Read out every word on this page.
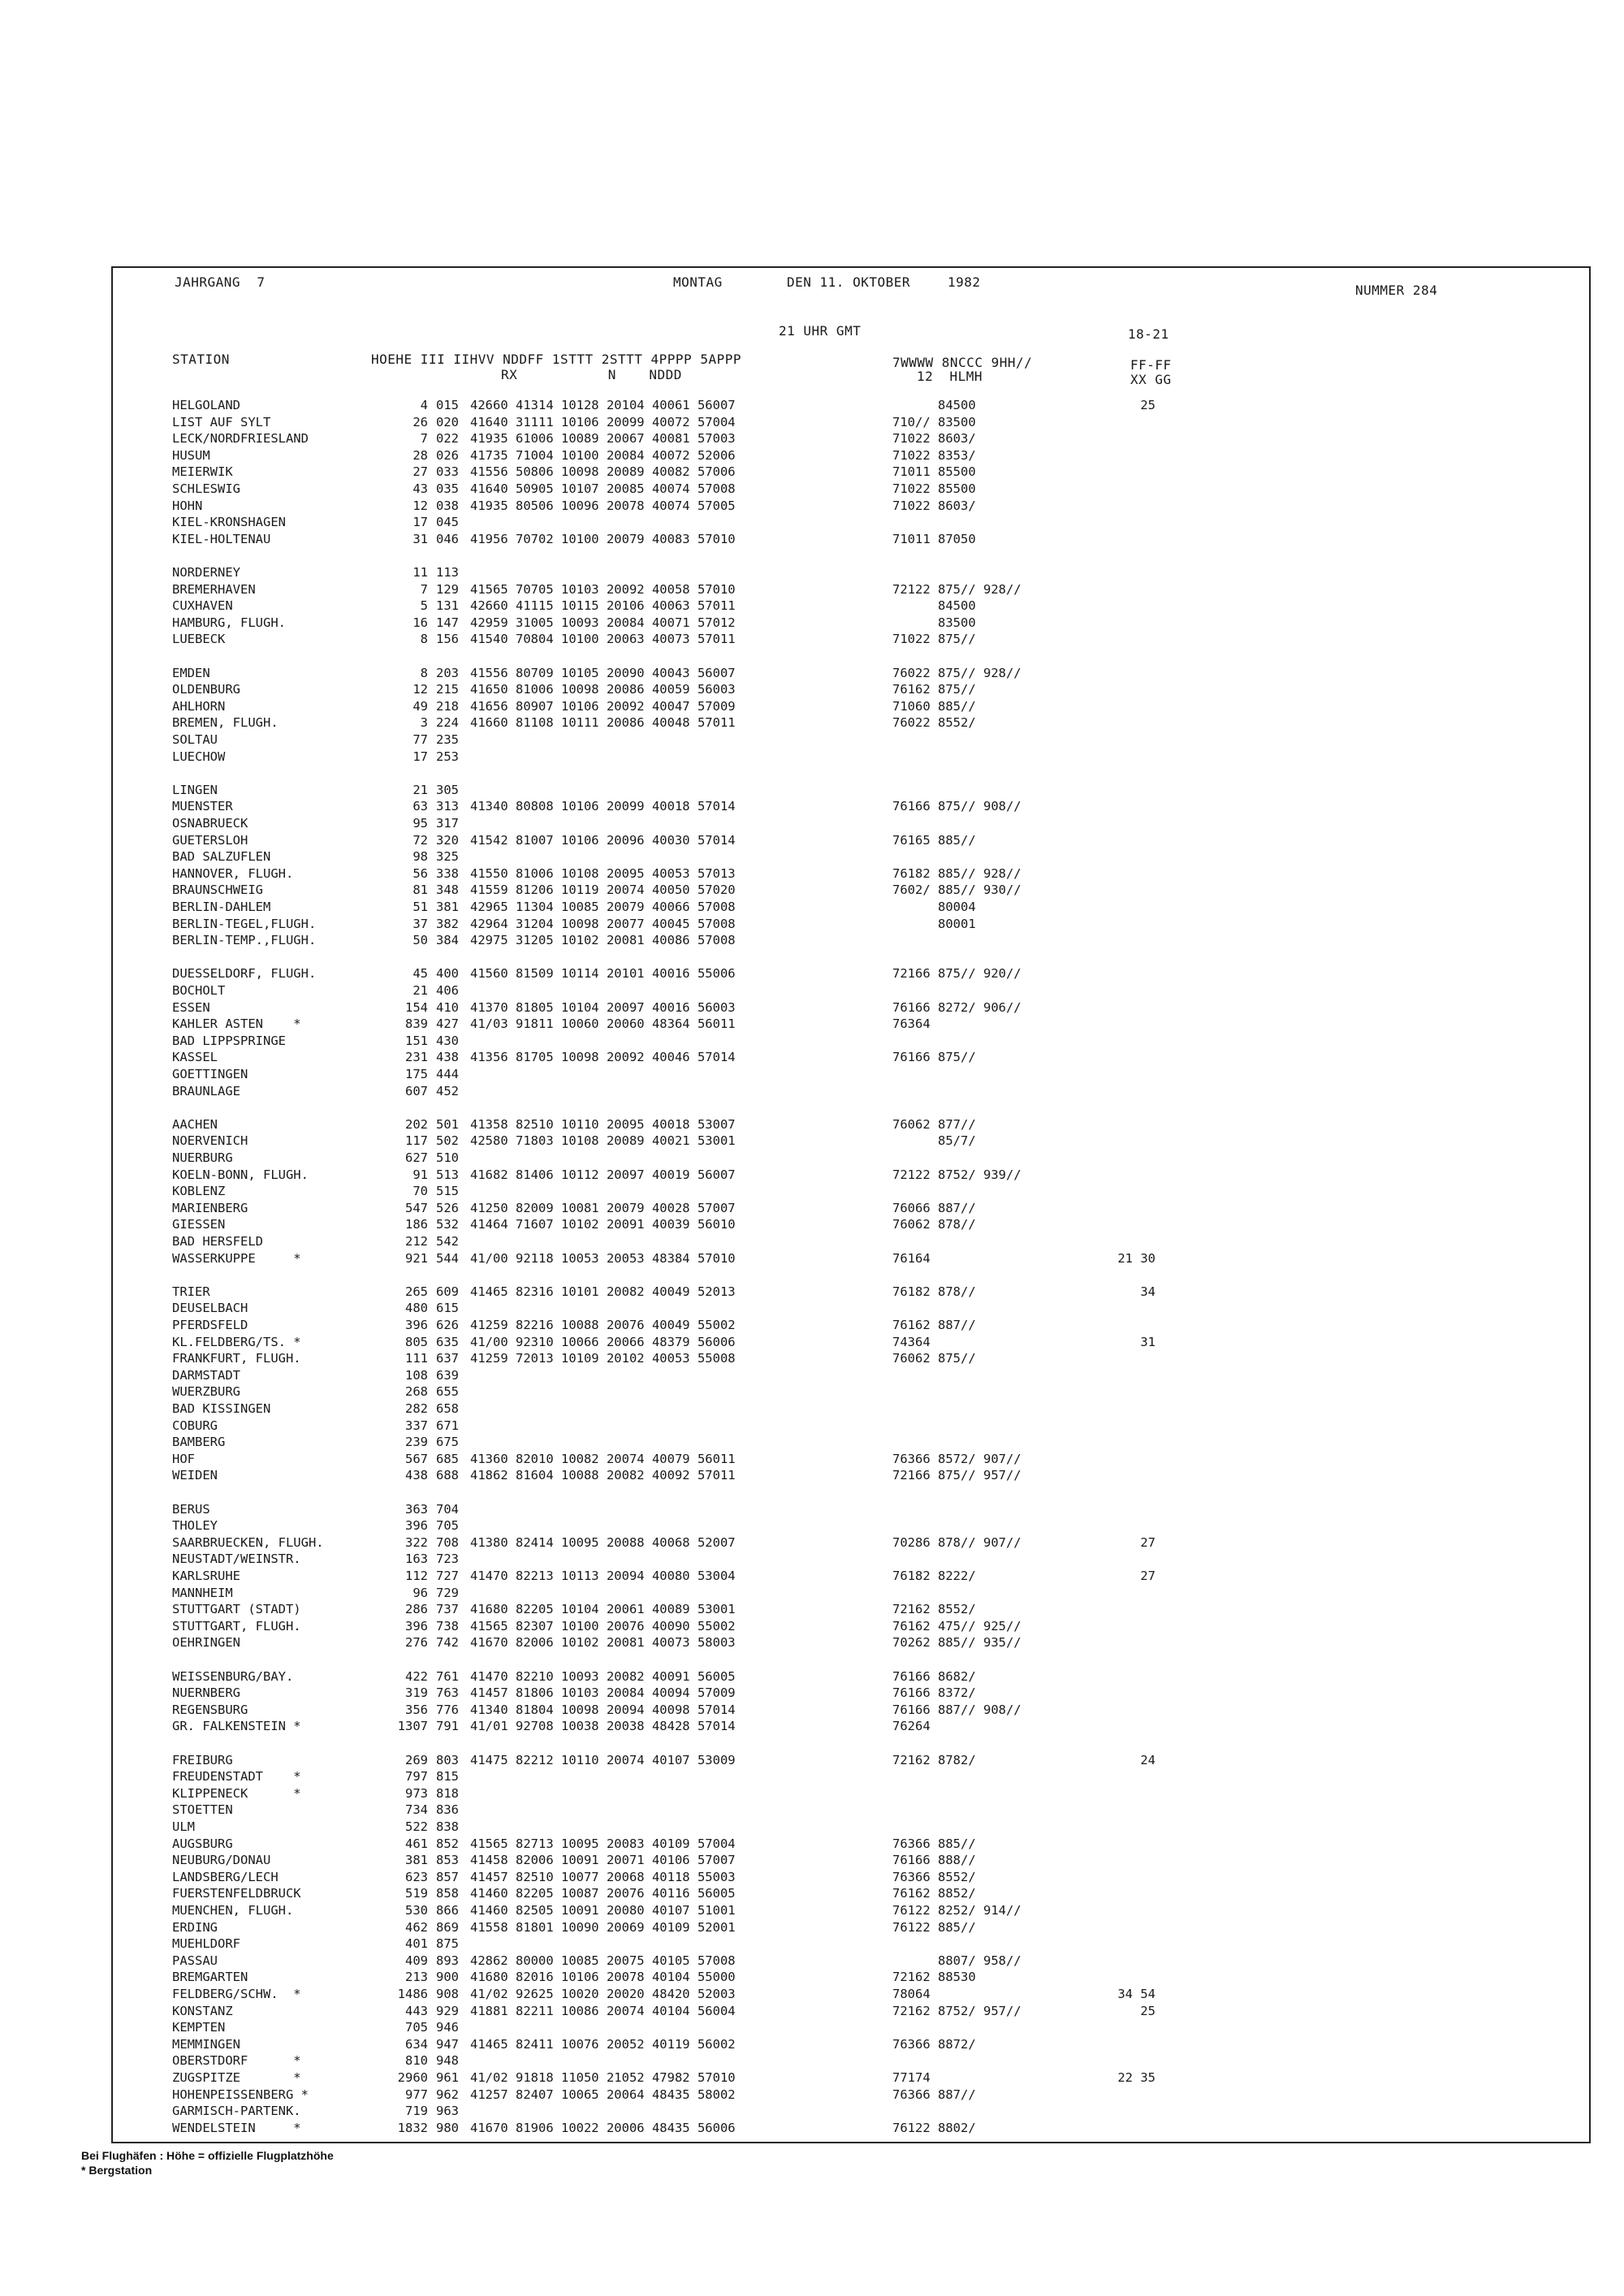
JAHRGANG  7	MONTAG	DEN 11. OKTOBER	1982
NUMMER 284
21 UHR GMT	18-21
STATION	HOEHE III IIHVV NDDFF 1STTT 2STTT 4PPPP 5APPP
RX           N    NDDD
7WWWW 8NCCC 9HH//
12  HLMH
FF-FF
XX GG
HELGOLAND	4 015 42660 41314 10128 20104 40061 56007	84500	25
LIST AUF SYLT	26 020 41640 31111 10106 20099 40072 57004	710// 83500
LECK/NORDFRIESLAND	7 022 41935 61006 10089 20067 40081 57003	71022 8603/
HUSUM	28 026 41735 71004 10100 20084 40072 52006	71022 8353/
MEIERWIK	27 033 41556 50806 10098 20089 40082 57006	71011 85500
SCHLESWIG	43 035 41640 50905 10107 20085 40074 57008	71022 85500
HOHN	12 038 41935 80506 10096 20078 40074 57005	71022 8603/
KIEL-KRONSHAGEN	17 045
KIEL-HOLTENAU	31 046 41956 70702 10100 20079 40083 57010	71011 87050
NORDERNEY	11 113
BREMERHAVEN	7 129 41565 70705 10103 20092 40058 57010	72122 875// 928//
CUXHAVEN	5 131 42660 41115 10115 20106 40063 57011	84500
HAMBURG, FLUGH.	16 147 42959 31005 10093 20084 40071 57012	83500
LUEBECK	8 156 41540 70804 10100 20063 40073 57011	71022 875//
EMDEN	8 203 41556 80709 10105 20090 40043 56007	76022 875// 928//
OLDENBURG	12 215 41650 81006 10098 20086 40059 56003	76162 875//
AHLHORN	49 218 41656 80907 10106 20092 40047 57009	71060 885//
BREMEN, FLUGH.	3 224 41660 81108 10111 20086 40048 57011	76022 8552/
SOLTAU	77 235
LUECHOW	17 253
LINGEN	21 305
MUENSTER	63 313 41340 80808 10106 20099 40018 57014	76166 875// 908//
OSNABRUECK	95 317
GUETERSLOH	72 320 41542 81007 10106 20096 40030 57014	76165 885//
BAD SALZUFLEN	98 325
HANNOVER, FLUGH.	56 338 41550 81006 10108 20095 40053 57013	76182 885// 928//
BRAUNSCHWEIG	81 348 41559 81206 10119 20074 40050 57020	7602/ 885// 930//
BERLIN-DAHLEM	51 381 42965 11304 10085 20079 40066 57008	80004
BERLIN-TEGEL,FLUGH.	37 382 42964 31204 10098 20077 40045 57008	80001
BERLIN-TEMP.,FLUGH.	50 384 42975 31205 10102 20081 40086 57008
DUESSELDORF, FLUGH.	45 400 41560 81509 10114 20101 40016 55006	72166 875// 920//
BOCHOLT	21 406
ESSEN	154 410 41370 81805 10104 20097 40016 56003	76166 8272/ 906//
KAHLER ASTEN    *	839 427 41/03 91811 10060 20060 48364 56011	76364
BAD LIPPSPRINGE	151 430
KASSEL	231 438 41356 81705 10098 20092 40046 57014	76166 875//
GOETTINGEN	175 444
BRAUNLAGE	607 452
AACHEN	202 501 41358 82510 10110 20095 40018 53007	76062 877//
NOERVENICH	117 502 42580 71803 10108 20089 40021 53001	85/7/
NUERBURG	627 510
KOELN-BONN, FLUGH.	91 513 41682 81406 10112 20097 40019 56007	72122 8752/ 939//
KOBLENZ	70 515
MARIENBERG	547 526 41250 82009 10081 20079 40028 57007	76066 887//
GIESSEN	186 532 41464 71607 10102 20091 40039 56010	76062 878//
BAD HERSFELD	212 542
WASSERKUPPE     *	921 544 41/00 92118 10053 20053 48384 57010	76164	21 30
TRIER	265 609 41465 82316 10101 20082 40049 52013	76182 878//	34
DEUSELBACH	480 615
PFERDSFELD	396 626 41259 82216 10088 20076 40049 55002	76162 887//
KL.FELDBERG/TS. *	805 635 41/00 92310 10066 20066 48379 56006	74364	31
FRANKFURT, FLUGH.	111 637 41259 72013 10109 20102 40053 55008	76062 875//
DARMSTADT	108 639
WUERZBURG	268 655
BAD KISSINGEN	282 658
COBURG	337 671
BAMBERG	239 675
HOF	567 685 41360 82010 10082 20074 40079 56011	76366 8572/ 907//
WEIDEN	438 688 41862 81604 10088 20082 40092 57011	72166 875// 957//
BERUS	363 704
THOLEY	396 705
SAARBRUECKEN, FLUGH.	322 708 41380 82414 10095 20088 40068 52007	70286 878// 907//	27
NEUSTADT/WEINSTR.	163 723
KARLSRUHE	112 727 41470 82213 10113 20094 40080 53004	76182 8222/	27
MANNHEIM	96 729
STUTTGART (STADT)	286 737 41680 82205 10104 20061 40089 53001	72162 8552/
STUTTGART, FLUGH.	396 738 41565 82307 10100 20076 40090 55002	76162 475// 925//
OEHRINGEN	276 742 41670 82006 10102 20081 40073 58003	70262 885// 935//
WEISSENBURG/BAY.	422 761 41470 82210 10093 20082 40091 56005	76166 8682/
NUERNBERG	319 763 41457 81806 10103 20084 40094 57009	76166 8372/
REGENSBURG	356 776 41340 81804 10098 20094 40098 57014	76166 887// 908//
GR. FALKENSTEIN *	1307 791 41/01 92708 10038 20038 48428 57014	76264
FREIBURG	269 803 41475 82212 10110 20074 40107 53009	72162 8782/	24
FREUDENSTADT    *	797 815
KLIPPENECK      *	973 818
STOETTEN	734 836
ULM	522 838
AUGSBURG	461 852 41565 82713 10095 20083 40109 57004	76366 885//
NEUBURG/DONAU	381 853 41458 82006 10091 20071 40106 57007	76166 888//
LANDSBERG/LECH	623 857 41457 82510 10077 20068 40118 55003	76366 8552/
FUERSTENFELDBRUCK	519 858 41460 82205 10087 20076 40116 56005	76162 8852/
MUENCHEN, FLUGH.	530 866 41460 82505 10091 20080 40107 51001	76122 8252/ 914//
ERDING	462 869 41558 81801 10090 20069 40109 52001	76122 885//
MUEHLDORF	401 875
PASSAU	409 893 42862 80000 10085 20075 40105 57008	8807/ 958//
BREMGARTEN	213 900 41680 82016 10106 20078 40104 55000	72162 88530
FELDBERG/SCHW.  *	1486 908 41/02 92625 10020 20020 48420 52003	78064	34 54
KONSTANZ	443 929 41881 82211 10086 20074 40104 56004	72162 8752/ 957//	25
KEMPTEN	705 946
MEMMINGEN	634 947 41465 82411 10076 20052 40119 56002	76366 8872/
OBERSTDORF      *	810 948
ZUGSPITZE       *	2960 961 41/02 91818 11050 21052 47982 57010	77174	22 35
HOHENPEISSENBERG *	977 962 41257 82407 10065 20064 48435 58002	76366 887//
GARMISCH-PARTENK.	719 963
WENDELSTEIN     *	1832 980 41670 81906 10022 20006 48435 56006	76122 8802/
Bei Flughäfen : Höhe = offizielle Flugplatzhöhe
* Bergstation
